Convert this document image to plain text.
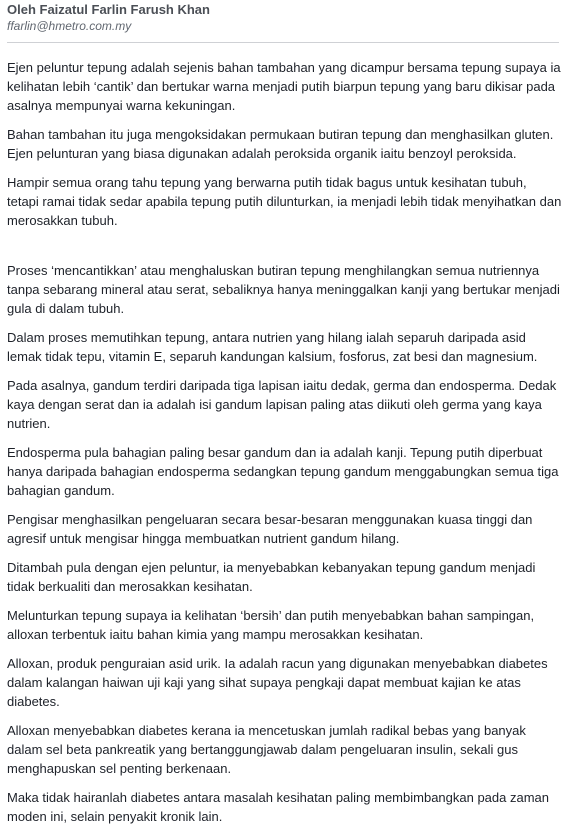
Oleh Faizatul Farlin Farush Khan
ffarlin@hmetro.com.my

Ejen peluntur tepung adalah sejenis bahan tambahan yang dicampur bersama tepung supaya ia kelihatan lebih ‘cantik’ dan bertukar warna menjadi putih biarpun tepung yang baru dikisar pada asalnya mempunyai warna kekuningan.

Bahan tambahan itu juga mengoksidakan permukaan butiran tepung dan menghasilkan gluten. Ejen pelunturan yang biasa digunakan adalah peroksida organik iaitu benzoyl peroksida.

Hampir semua orang tahu tepung yang berwarna putih tidak bagus untuk kesihatan tubuh, tetapi ramai tidak sedar apabila tepung putih dilunturkan, ia menjadi lebih tidak menyihatkan dan merosakkan tubuh.

Proses ‘mencantikkan’ atau menghaluskan butiran tepung menghilangkan semua nutriennya tanpa sebarang mineral atau serat, sebaliknya hanya meninggalkan kanji yang bertukar menjadi gula di dalam tubuh.

Dalam proses memutihkan tepung, antara nutrien yang hilang ialah separuh daripada asid lemak tidak tepu, vitamin E, separuh kandungan kalsium, fosforus, zat besi dan magnesium.

Pada asalnya, gandum terdiri daripada tiga lapisan iaitu dedak, germa dan endosperma. Dedak kaya dengan serat dan ia adalah isi gandum lapisan paling atas diikuti oleh germa yang kaya nutrien.

Endosperma pula bahagian paling besar gandum dan ia adalah kanji. Tepung putih diperbuat hanya daripada bahagian endosperma sedangkan tepung gandum menggabungkan semua tiga bahagian gandum.

Pengisar menghasilkan pengeluaran secara besar-besaran menggunakan kuasa tinggi dan agresif untuk mengisar hingga membuatkan nutrient gandum hilang.

Ditambah pula dengan ejen peluntur, ia menyebabkan kebanyakan tepung gandum menjadi tidak berkualiti dan merosakkan kesihatan.

Melunturkan tepung supaya ia kelihatan ‘bersih’ dan putih menyebabkan bahan sampingan, alloxan terbentuk iaitu bahan kimia yang mampu merosakkan kesihatan.

Alloxan, produk penguraian asid urik. Ia adalah racun yang digunakan menyebabkan diabetes dalam kalangan haiwan uji kaji yang sihat supaya pengkaji dapat membuat kajian ke atas diabetes.

Alloxan menyebabkan diabetes kerana ia mencetuskan jumlah radikal bebas yang banyak dalam sel beta pankreatik yang bertanggungjawab dalam pengeluaran insulin, sekali gus menghapuskan sel penting berkenaan.

Maka tidak hairanlah diabetes antara masalah kesihatan paling membimbangkan pada zaman moden ini, selain penyakit kronik lain.
